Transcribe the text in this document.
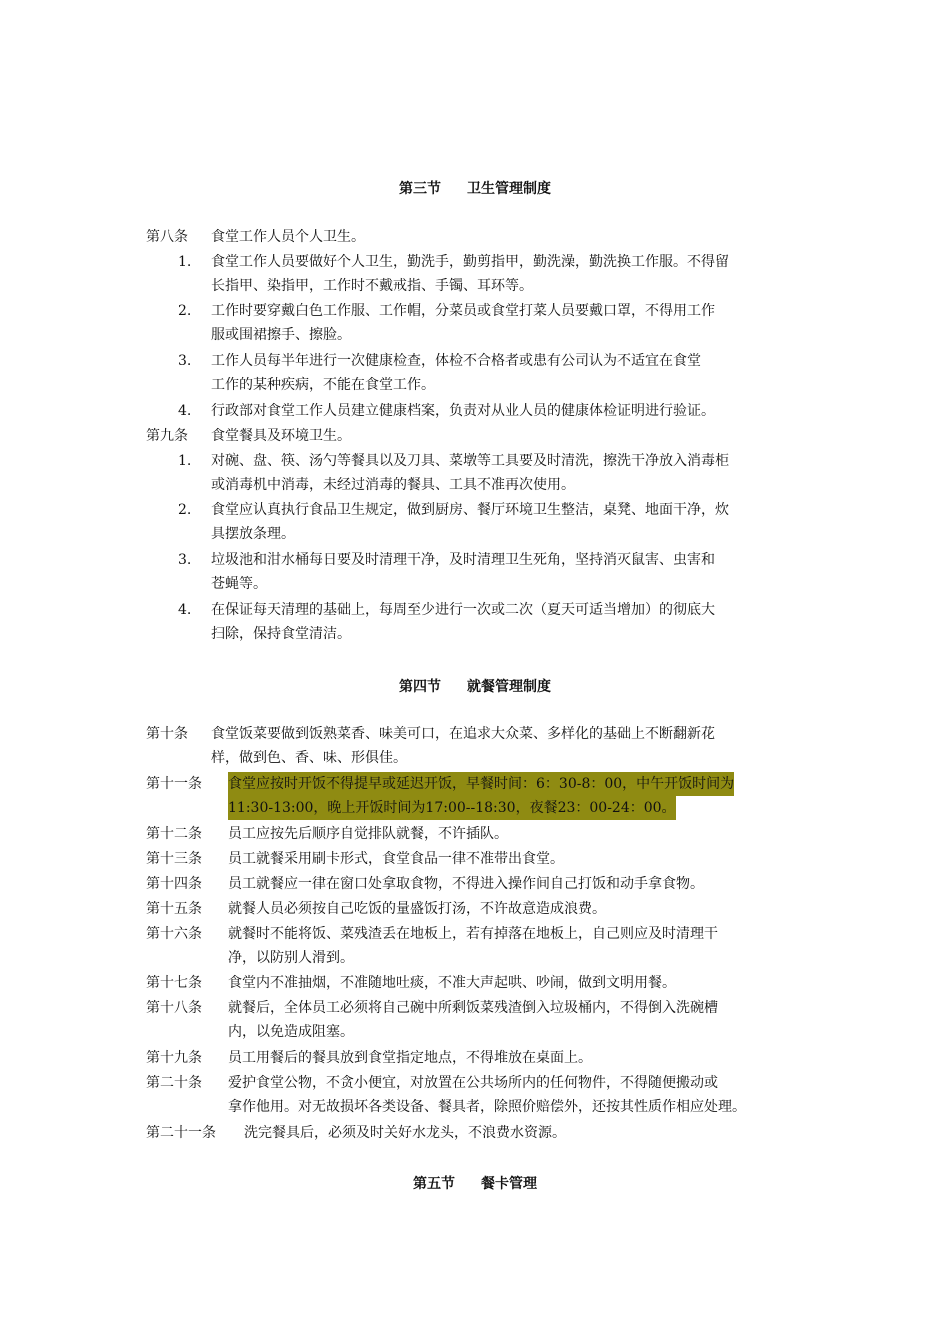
第三节 卫生管理制度
第八条 食堂工作人员个人卫生。
1. 食堂工作人员要做好个人卫生，勤洗手，勤剪指甲，勤洗澡，勤洗换工作服。不得留
长指甲、染指甲，工作时不戴戒指、手镯、耳环等。
2. 工作时要穿戴白色工作服、工作帽，分菜员或食堂打菜人员要戴口罩，不得用工作
服或围裙擦手、擦脸。
3. 工作人员每半年进行一次健康检查，体检不合格者或患有公司认为不适宜在食堂
工作的某种疾病，不能在食堂工作。
4. 行政部对食堂工作人员建立健康档案，负责对从业人员的健康体检证明进行验证。
第九条 食堂餐具及环境卫生。
1. 对碗、盘、筷、汤勺等餐具以及刀具、菜墩等工具要及时清洗，擦洗干净放入消毒柜
或消毒机中消毒，未经过消毒的餐具、工具不准再次使用。
2. 食堂应认真执行食品卫生规定，做到厨房、餐厅环境卫生整洁，桌凳、地面干净，炊
具摆放条理。
3. 垃圾池和泔水桶每日要及时清理干净，及时清理卫生死角，坚持消灭鼠害、虫害和
苍蝇等。
4. 在保证每天清理的基础上，每周至少进行一次或二次（夏天可适当增加）的彻底大
扫除，保持食堂清洁。
第四节 就餐管理制度
第十条 食堂饭菜要做到饭熟菜香、味美可口，在追求大众菜、多样化的基础上不断翻新花
样，做到色、香、味、形俱佳。
第十一条 食堂应按时开饭不得提早或延迟开饭，早餐时间：6：30-8：00，中午开饭时间为
11:30-13:00，晚上开饭时间为17:00--18:30，夜餐23：00-24：00。
第十二条 员工应按先后顺序自觉排队就餐，不许插队。
第十三条 员工就餐采用刷卡形式，食堂食品一律不准带出食堂。
第十四条 员工就餐应一律在窗口处拿取食物，不得进入操作间自己打饭和动手拿食物。
第十五条 就餐人员必须按自己吃饭的量盛饭打汤，不许故意造成浪费。
第十六条 就餐时不能将饭、菜残渣丢在地板上，若有掉落在地板上，自己则应及时清理干
净，以防别人滑到。
第十七条 食堂内不准抽烟，不准随地吐痰，不准大声起哄、吵闹，做到文明用餐。
第十八条 就餐后，全体员工必须将自己碗中所剩饭菜残渣倒入垃圾桶内，不得倒入洗碗槽
内，以免造成阻塞。
第十九条 员工用餐后的餐具放到食堂指定地点，不得堆放在桌面上。
第二十条 爱护食堂公物，不贪小便宜，对放置在公共场所内的任何物件，不得随便搬动或
拿作他用。对无故损坏各类设备、餐具者，除照价赔偿外，还按其性质作相应处理。
第二十一条 洗完餐具后，必须及时关好水龙头，不浪费水资源。
第五节 餐卡管理
